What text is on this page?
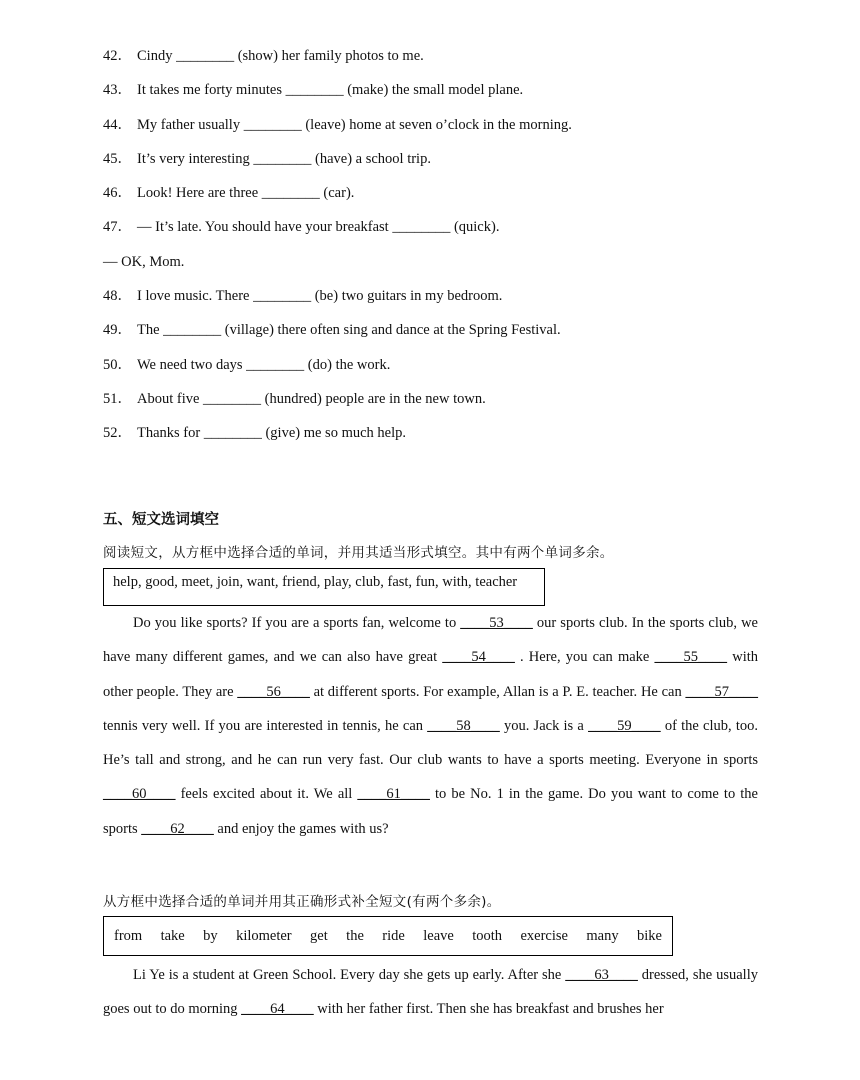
42． Cindy ________ (show) her family photos to me.
43． It takes me forty minutes ________ (make) the small model plane.
44． My father usually ________ (leave) home at seven o’clock in the morning.
45． It’s very interesting ________ (have) a school trip.
46． Look! Here are three ________ (car).
47． — It’s late. You should have your breakfast ________ (quick).
— OK, Mom.
48． I love music. There ________ (be) two guitars in my bedroom.
49． The ________ (village) there often sing and dance at the Spring Festival.
50． We need two days ________ (do) the work.
51． About five ________ (hundred) people are in the new town.
52． Thanks for ________ (give) me so much help.
五、短文选词填空
阅读短文，从方框中选择合适的单词，并用其适当形式填空。其中有两个单词多余。
help, good, meet, join, want, friend, play, club, fast, fun, with, teacher

Do you like sports? If you are a sports fan, welcome to ____53____ our sports club. In the sports club, we have many different games, and we can also have great ____54____ . Here, you can make ____55____ with other people. They are ____56____ at different sports. For example, Allan is a P. E. teacher. He can ____57____ tennis very well. If you are interested in tennis, he can ____58____ you. Jack is a ____59____ of the club, too. He’s tall and strong, and he can run very fast. Our club wants to have a sports meeting. Everyone in sports ____60____ feels excited about it. We all ____61____ to be No. 1 in the game. Do you want to come to the sports ____62____ and enjoy the games with us?

从方框中选择合适的单词并用其正确形式补全短文(有两个多余)。
from take by kilometer get the ride leave tooth exercise many bike

Li Ye is a student at Green School. Every day she gets up early. After she ____63____ dressed, she usually goes out to do morning ____64____ with her father first. Then she has breakfast and brushes her
